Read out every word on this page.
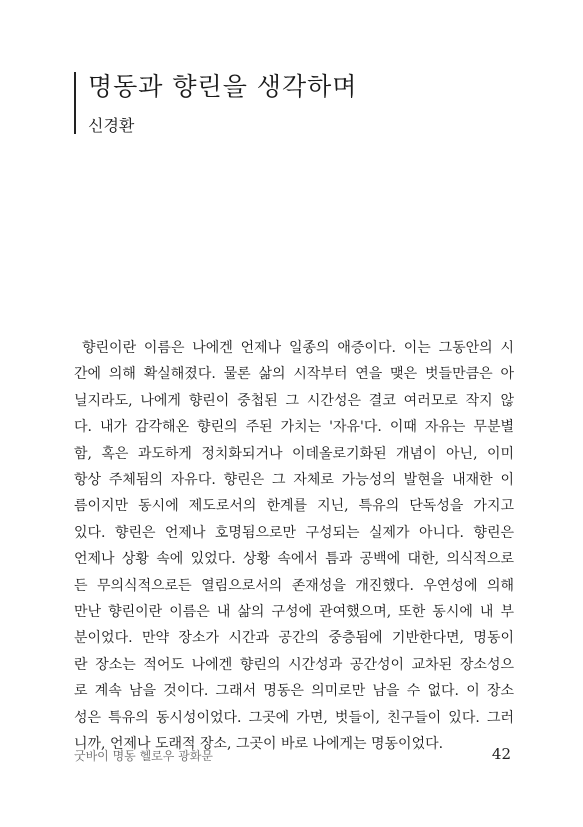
명동과 향린을 생각하며
신경환
향린이란 이름은 나에겐 언제나 일종의 애증이다. 이는 그동안의 시
간에 의해 확실해졌다. 물론 삶의 시작부터 연을 맺은 벗들만큼은 아
닐지라도, 나에게 향린이 중첩된 그 시간성은 결코 여러모로 작지 않
다. 내가 감각해온 향린의 주된 가치는 '자유'다. 이때 자유는 무분별
함, 혹은 과도하게 정치화되거나 이데올로기화된 개념이 아닌, 이미
항상 주체됨의 자유다. 향린은 그 자체로 가능성의 발현을 내재한 이
름이지만 동시에 제도로서의 한계를 지닌, 특유의 단독성을 가지고
있다. 향린은 언제나 호명됨으로만 구성되는 실제가 아니다. 향린은
언제나 상황 속에 있었다. 상황 속에서 틈과 공백에 대한, 의식적으로
든 무의식적으로든 열림으로서의 존재성을 개진했다. 우연성에 의해
만난 향린이란 이름은 내 삶의 구성에 관여했으며, 또한 동시에 내 부
분이었다. 만약 장소가 시간과 공간의 중층됨에 기반한다면, 명동이
란 장소는 적어도 나에겐 향린의 시간성과 공간성이 교차된 장소성으
로 계속 남을 것이다. 그래서 명동은 의미로만 남을 수 없다. 이 장소
성은 특유의 동시성이었다. 그곳에 가면, 벗들이, 친구들이 있다. 그러
니까, 언제나 도래적 장소, 그곳이 바로 나에게는 명동이었다.
굿바이 명동 헬로우 광화문	42
